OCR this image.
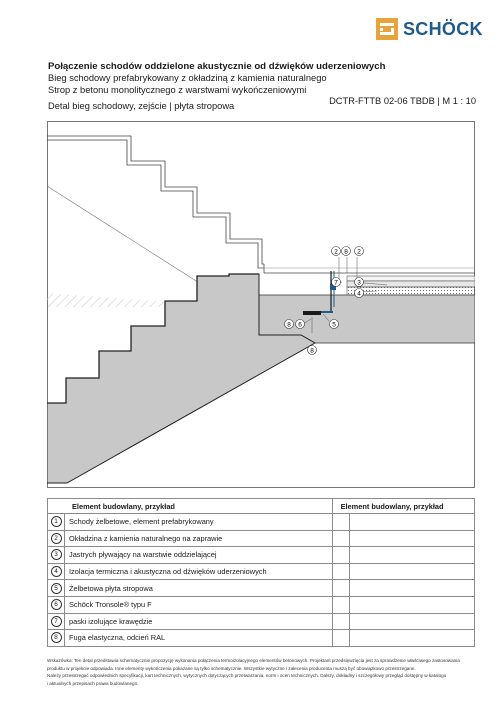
SCHÖCK
Połączenie schodów oddzielone akustycznie od dźwięków uderzeniowych
Bieg schodowy prefabrykowany z okładziną z kamienia naturalnego
Strop z betonu monolitycznego z warstwami wykończeniowymi
Detal bieg schodowy, zejście | płyta stropowa	DCTR-FTTB 02-06 TBDB | M 1 : 10
2 8 2
7	3
4
8 6	5
8
Element budowlany, przykład		Element budowlany, przykład	
1	Schody żelbetowe, element prefabrykowany		
2	Okładzina z kamienia naturalnego na zaprawie		
3	Jastrych pływający na warstwie oddzielającej		
4	Izolacja termiczna i akustyczna od dźwięków uderzeniowych		
5	Żelbetowa płyta stropowa		
6	Schöck Tronsole® typu F		
7	paski izolujące krawędzie		
8	Fuga elastyczna, odcień RAL		

Wskazówka: Ten detal przedstawia schematycznie propozycję wykonania połączenia termoizolacyjnego elementów betonowych. Projektant przedsięwzięcia jest za sprawdzenie właściwego zastosowania

produktu w projekcie odpowiada. Inne elementy wykończenia pokazane są tylko schematycznie. Wszystkie wytyczne i zalecenia producenta muszą być obowiązkowo przestrzegane.

Należy przestrzegać odpowiednich specyfikacji, kart technicznych, wytycznych dotyczących przetwarzania, norm i ocen technicznych. Dalszy, dokładny i szczegółowy przegląd dostępny w katalogu

i aktualnych przepisach prawa budowlanego.
